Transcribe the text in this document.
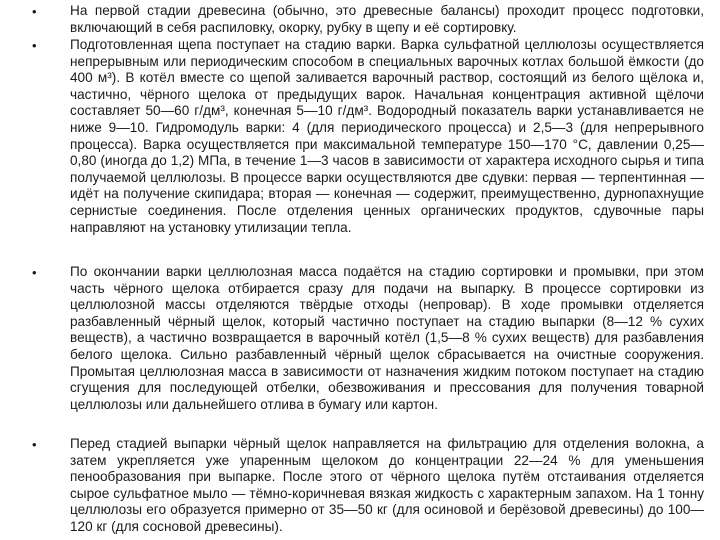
• На первой стадии древесина (обычно, это древесные балансы) проходит процесс подготовки, включающий в себя распиловку, окорку, рубку в щепу и её сортировку.

• Подготовленная щепа поступает на стадию варки. Варка сульфатной целлюлозы осуществляется непрерывным или периодическим способом в специальных варочных котлах большой ёмкости (до 400 м³). В котёл вместе со щепой заливается варочный раствор, состоящий из белого щёлока и, частично, чёрного щелока от предыдущих варок. Начальная концентрация активной щёлочи составляет 50—60 г/дм³, конечная 5—10 г/дм³. Водородный показатель варки устанавливается не ниже 9—10. Гидромодуль варки: 4 (для периодического процесса) и 2,5—3 (для непрерывного процесса). Варка осуществляется при максимальной температуре 150—170 °С, давлении 0,25—0,80 (иногда до 1,2) МПа, в течение 1—3 часов в зависимости от характера исходного сырья и типа получаемой целлюлозы. В процессе варки осуществляются две сдувки: первая — терпентинная — идёт на получение скипидара; вторая — конечная — содержит, преимущественно, дурнопахнущие сернистые соединения. После отделения ценных органических продуктов, сдувочные пары направляют на установку утилизации тепла.

• По окончании варки целлюлозная масса подаётся на стадию сортировки и промывки, при этом часть чёрного щелока отбирается сразу для подачи на выпарку. В процессе сортировки из целлюлозной массы отделяются твёрдые отходы (непровар). В ходе промывки отделяется разбавленный чёрный щелок, который частично поступает на стадию выпарки (8—12 % сухих веществ), а частично возвращается в варочный котёл (1,5—8 % сухих веществ) для разбавления белого щелока. Сильно разбавленный чёрный щелок сбрасывается на очистные сооружения. Промытая целлюлозная масса в зависимости от назначения жидким потоком поступает на стадию сгущения для последующей отбелки, обезвоживания и прессования для получения товарной целлюлозы или дальнейшего отлива в бумагу или картон.

• Перед стадией выпарки чёрный щелок направляется на фильтрацию для отделения волокна, а затем укрепляется уже упаренным щелоком до концентрации 22—24 % для уменьшения пенообразования при выпарке. После этого от чёрного щелока путём отстаивания отделяется сырое сульфатное мыло — тёмно-коричневая вязкая жидкость с характерным запахом. На 1 тонну целлюлозы его образуется примерно от 35—50 кг (для осиновой и берёзовой древесины) до 100—120 кг (для сосновой древесины).
